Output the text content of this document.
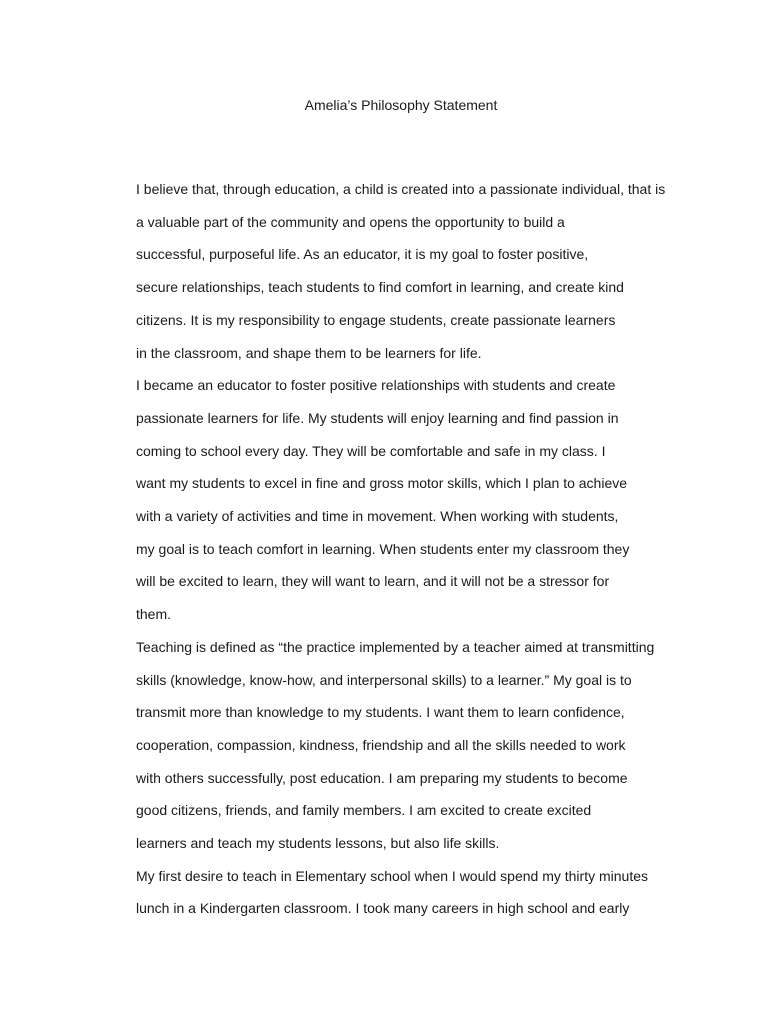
Amelia’s Philosophy Statement

I believe that, through education, a child is created into a passionate individual, that is
a valuable part of the community and opens the opportunity to build a
successful, purposeful life. As an educator, it is my goal to foster positive,
secure relationships, teach students to find comfort in learning, and create kind
citizens. It is my responsibility to engage students, create passionate learners
in the classroom, and shape them to be learners for life.

I became an educator to foster positive relationships with students and create
passionate learners for life. My students will enjoy learning and find passion in
coming to school every day. They will be comfortable and safe in my class. I
want my students to excel in fine and gross motor skills, which I plan to achieve
with a variety of activities and time in movement. When working with students,
my goal is to teach comfort in learning. When students enter my classroom they
will be excited to learn, they will want to learn, and it will not be a stressor for
them.

Teaching is defined as “the practice implemented by a teacher aimed at transmitting
skills (knowledge, know-how, and interpersonal skills) to a learner.” My goal is to
transmit more than knowledge to my students. I want them to learn confidence,
cooperation, compassion, kindness, friendship and all the skills needed to work
with others successfully, post education. I am preparing my students to become
good citizens, friends, and family members. I am excited to create excited
learners and teach my students lessons, but also life skills.

My first desire to teach in Elementary school when I would spend my thirty minutes
lunch in a Kindergarten classroom. I took many careers in high school and early
